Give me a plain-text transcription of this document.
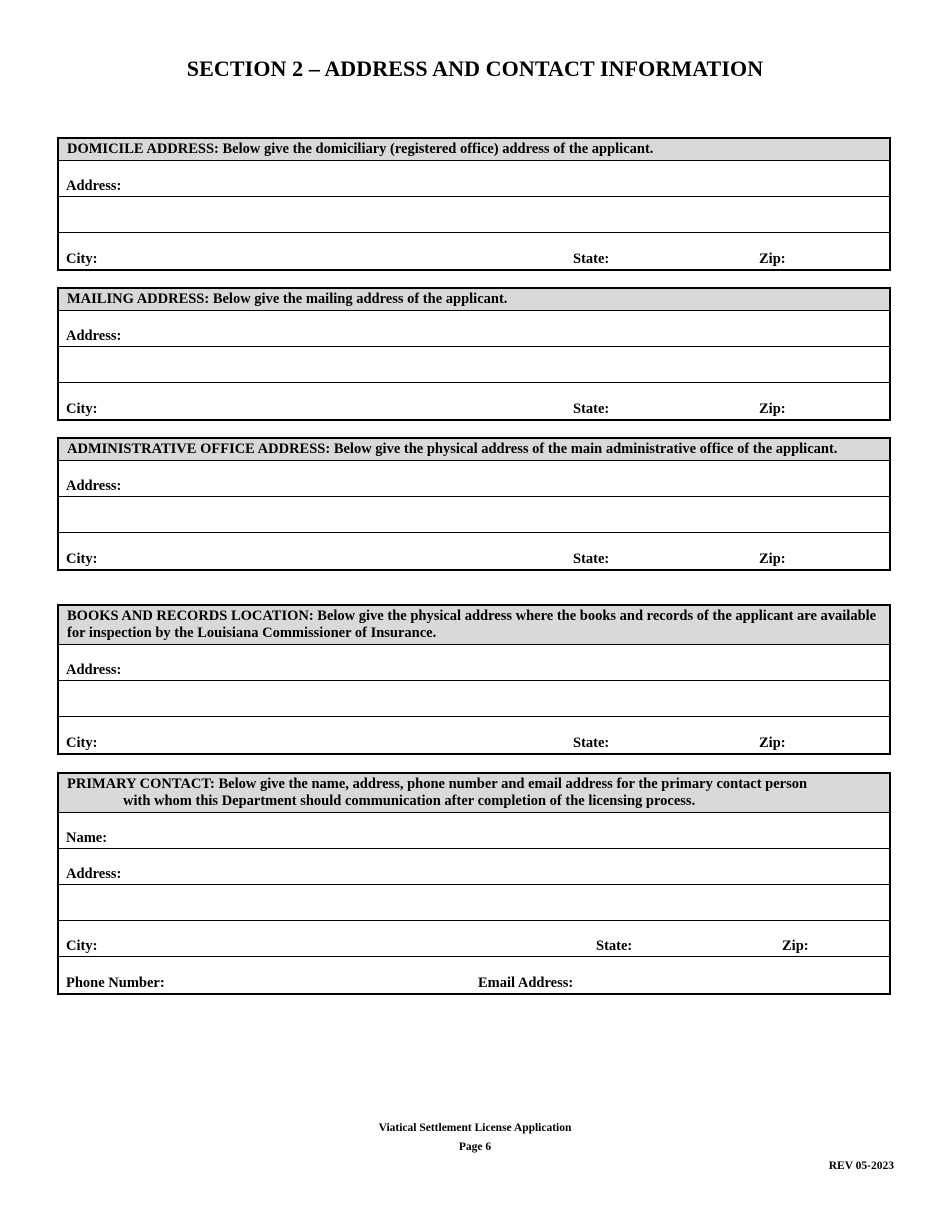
SECTION 2 – ADDRESS AND CONTACT INFORMATION
DOMICILE ADDRESS: Below give the domiciliary (registered office) address of the applicant.
Address:
City:	State:	Zip:
MAILING ADDRESS: Below give the mailing address of the applicant.
Address:
City:	State:	Zip:
ADMINISTRATIVE OFFICE ADDRESS: Below give the physical address of the main administrative office of the applicant.
Address:
City:	State:	Zip:
BOOKS AND RECORDS LOCATION: Below give the physical address where the books and records of the applicant are available for inspection by the Louisiana Commissioner of Insurance.
Address:
City:	State:	Zip:
PRIMARY CONTACT: Below give the name, address, phone number and email address for the primary contact person
with whom this Department should communication after completion of the licensing process.
Name:
Address:
City:	State:	Zip:
Phone Number:	Email Address:
Viatical Settlement License Application
Page 6
REV 05-2023
